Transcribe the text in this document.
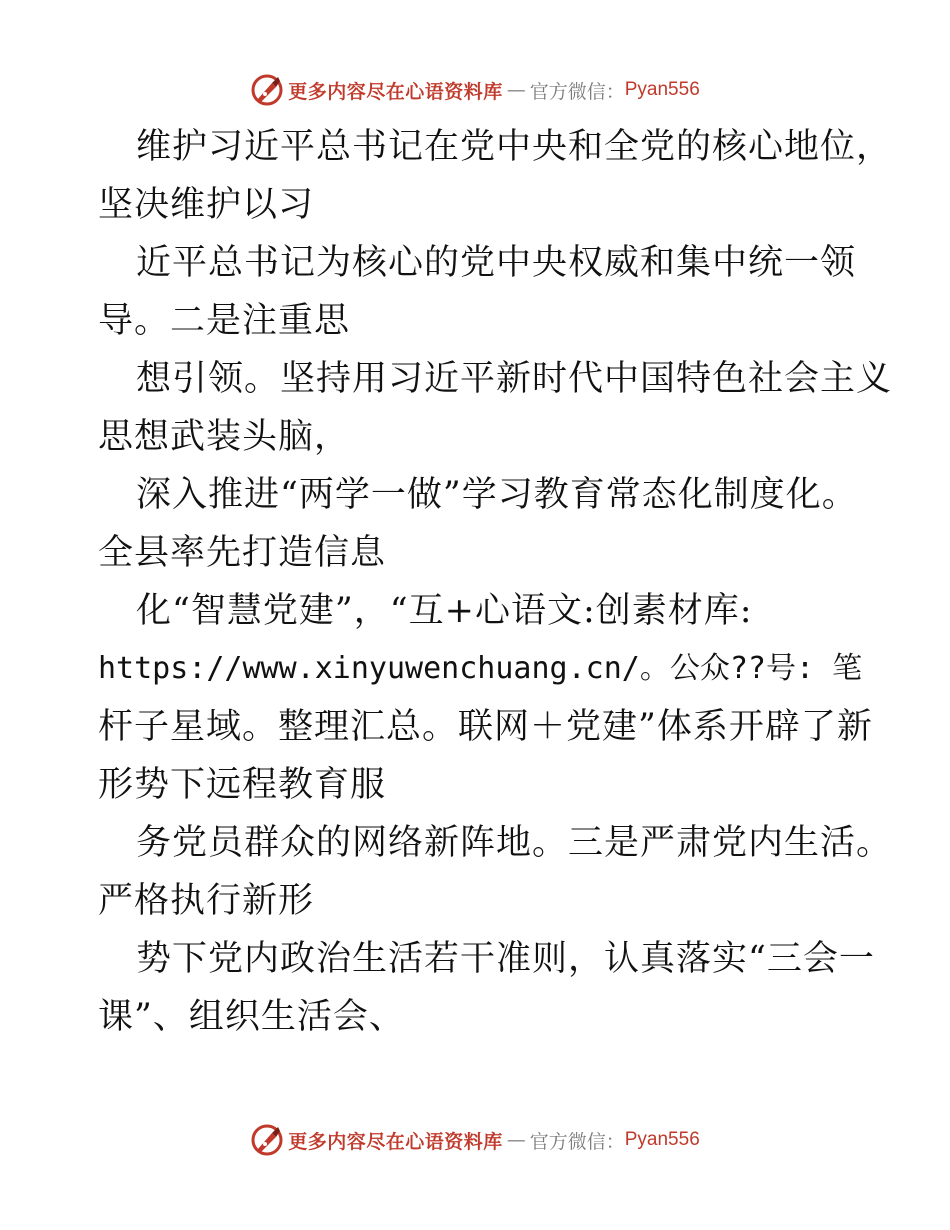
更多内容尽在心语资料库 — 官方微信： Pyan556
维护习近平总书记在党中央和全党的核心地位，
坚决维护以习
近平总书记为核心的党中央权威和集中统一领
导。二是注重思
想引领。坚持用习近平新时代中国特色社会主义
思想武装头脑，
深入推进“两学一做”学习教育常态化制度化。
全县率先打造信息
化“智慧党建”，“互+心语文:创素材库:
https://www.xinyuwenchuang.cn/。公众??号: 笔
杆子星域。整理汇总。联网＋党建”体系开辟了新
形势下远程教育服
务党员群众的网络新阵地。三是严肃党内生活。
严格执行新形
势下党内政治生活若干准则，认真落实“三会一
课”、组织生活会、
更多内容尽在心语资料库 — 官方微信： Pyan556
